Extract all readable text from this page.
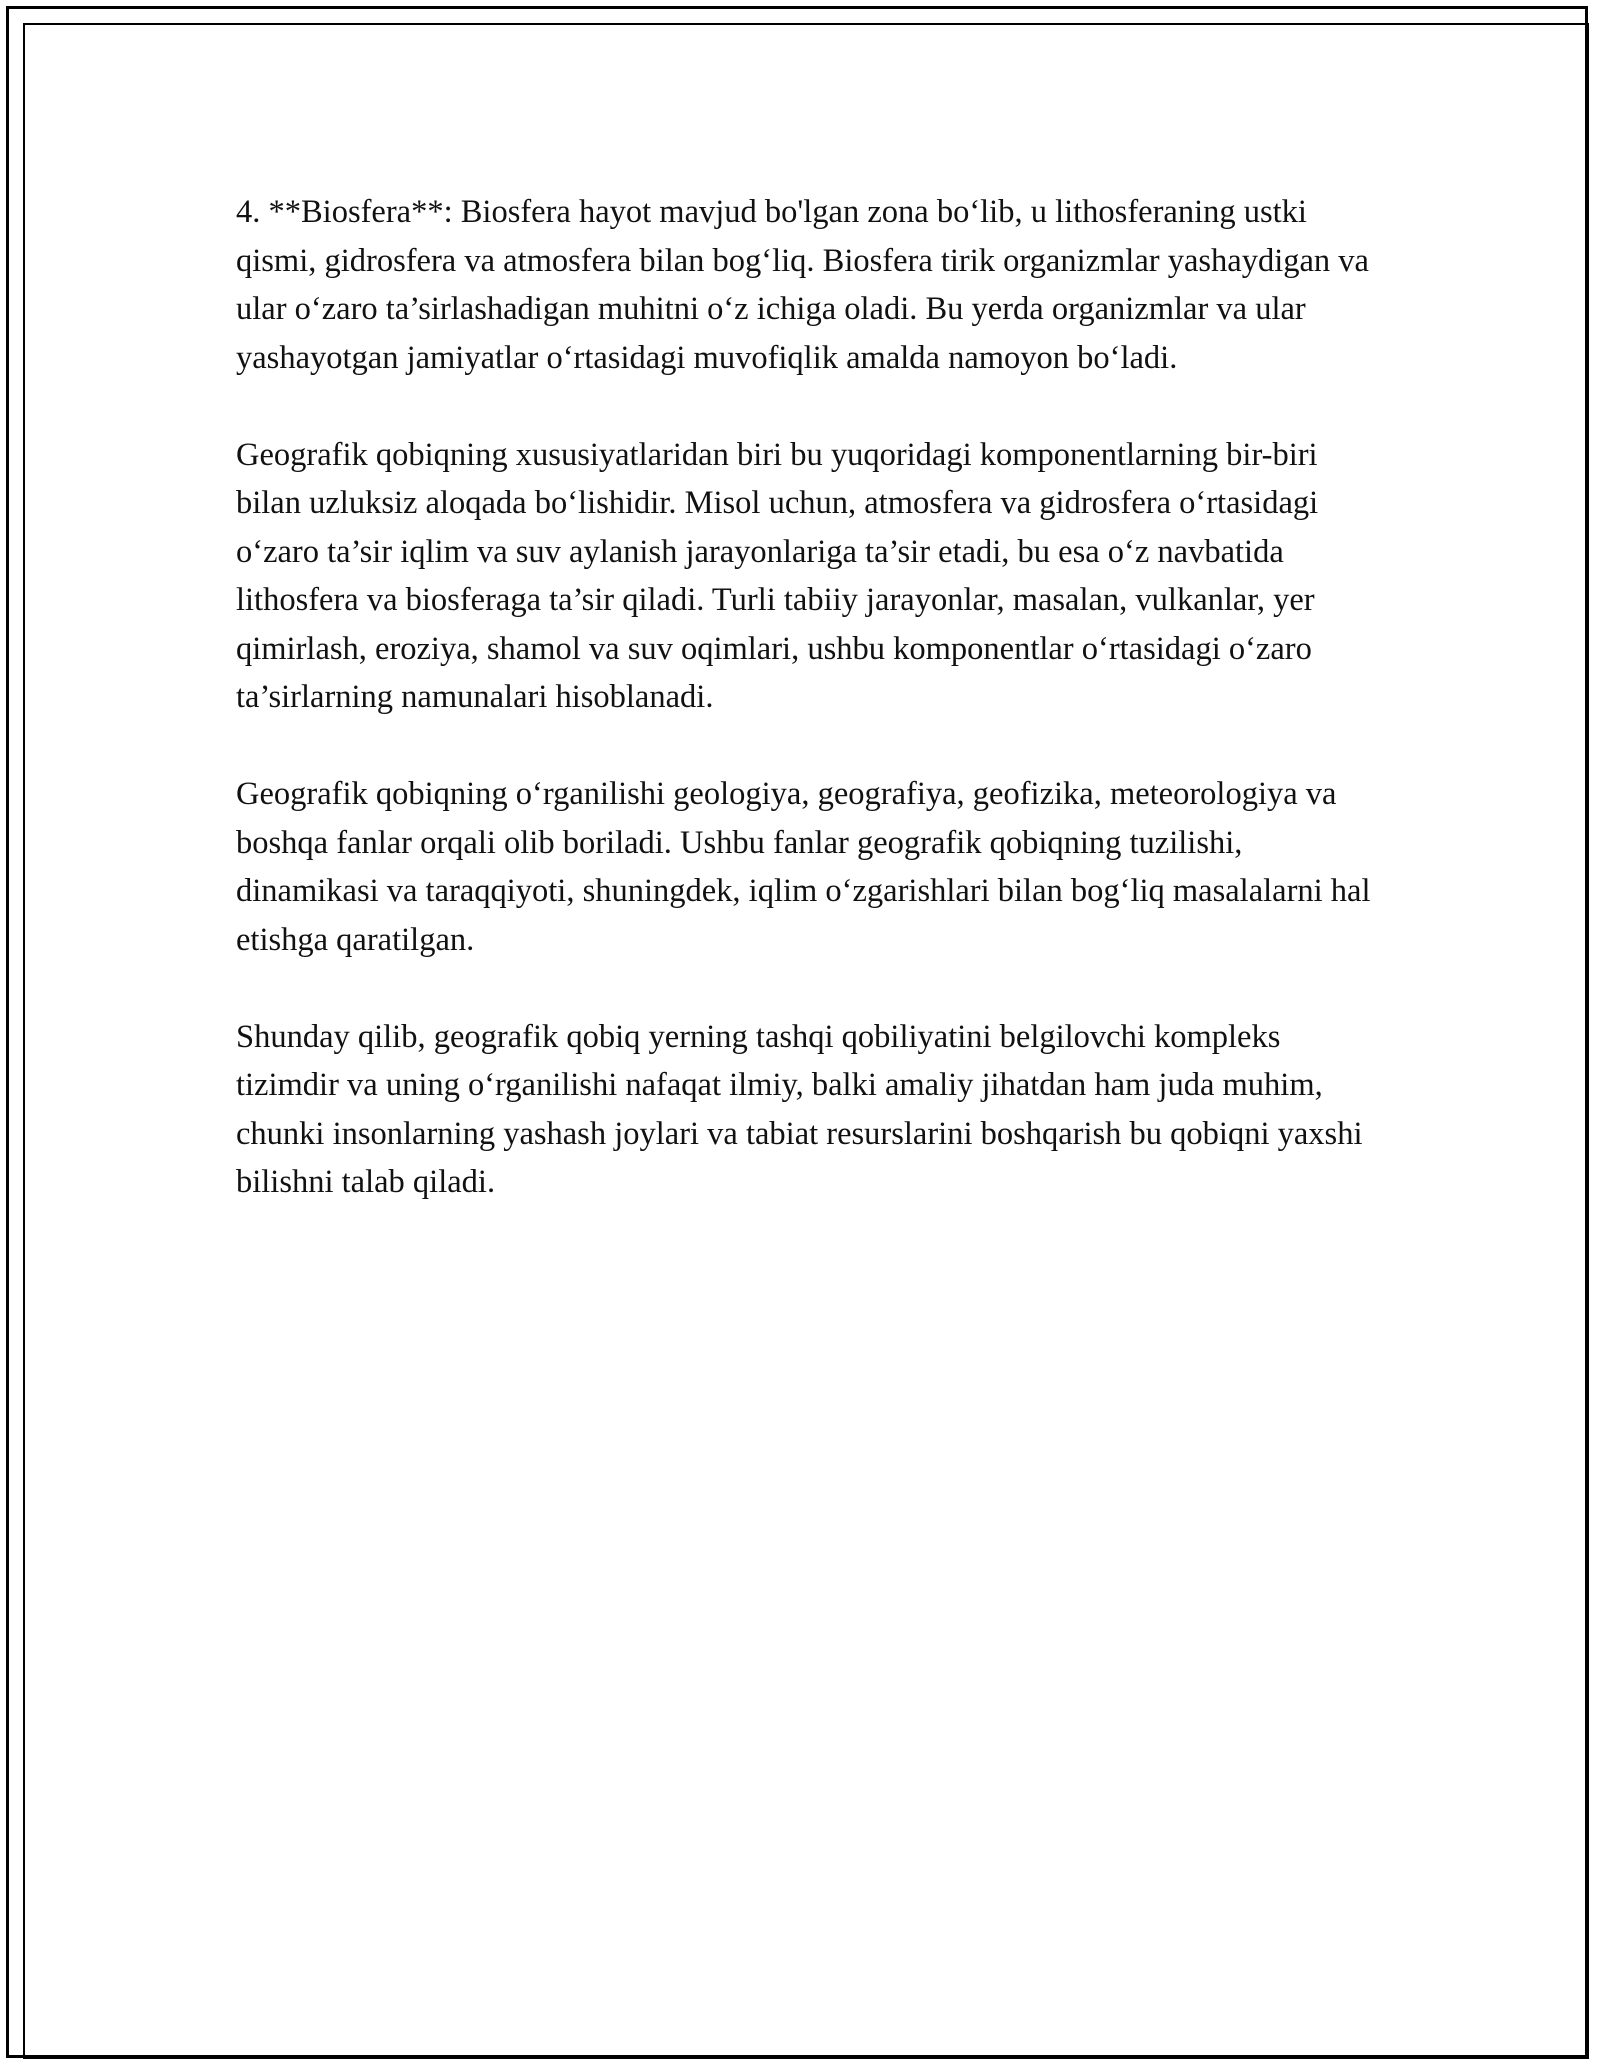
4. **Biosfera**: Biosfera hayot mavjud bo'lgan zona bo‘lib, u lithosferaning ustki qismi, gidrosfera va atmosfera bilan bog‘liq. Biosfera tirik organizmlar yashaydigan va ular o‘zaro ta’sirlashadigan muhitni o‘z ichiga oladi. Bu yerda organizmlar va ular yashayotgan jamiyatlar o‘rtasidagi muvofiqlik amalda namoyon bo‘ladi.

Geografik qobiqning xususiyatlaridan biri bu yuqoridagi komponentlarning bir-biri bilan uzluksiz aloqada bo‘lishidir. Misol uchun, atmosfera va gidrosfera o‘rtasidagi o‘zaro ta’sir iqlim va suv aylanish jarayonlariga ta’sir etadi, bu esa o‘z navbatida lithosfera va biosferaga ta’sir qiladi. Turli tabiiy jarayonlar, masalan, vulkanlar, yer qimirlash, eroziya, shamol va suv oqimlari, ushbu komponentlar o‘rtasidagi o‘zaro ta’sirlarning namunalari hisoblanadi.

Geografik qobiqning o‘rganilishi geologiya, geografiya, geofizika, meteorologiya va boshqa fanlar orqali olib boriladi. Ushbu fanlar geografik qobiqning tuzilishi, dinamikasi va taraqqiyoti, shuningdek, iqlim o‘zgarishlari bilan bog‘liq masalalarni hal etishga qaratilgan.

Shunday qilib, geografik qobiq yerning tashqi qobiliyatini belgilovchi kompleks tizimdir va uning o‘rganilishi nafaqat ilmiy, balki amaliy jihatdan ham juda muhim, chunki insonlarning yashash joylari va tabiat resurslarini boshqarish bu qobiqni yaxshi bilishni talab qiladi.
